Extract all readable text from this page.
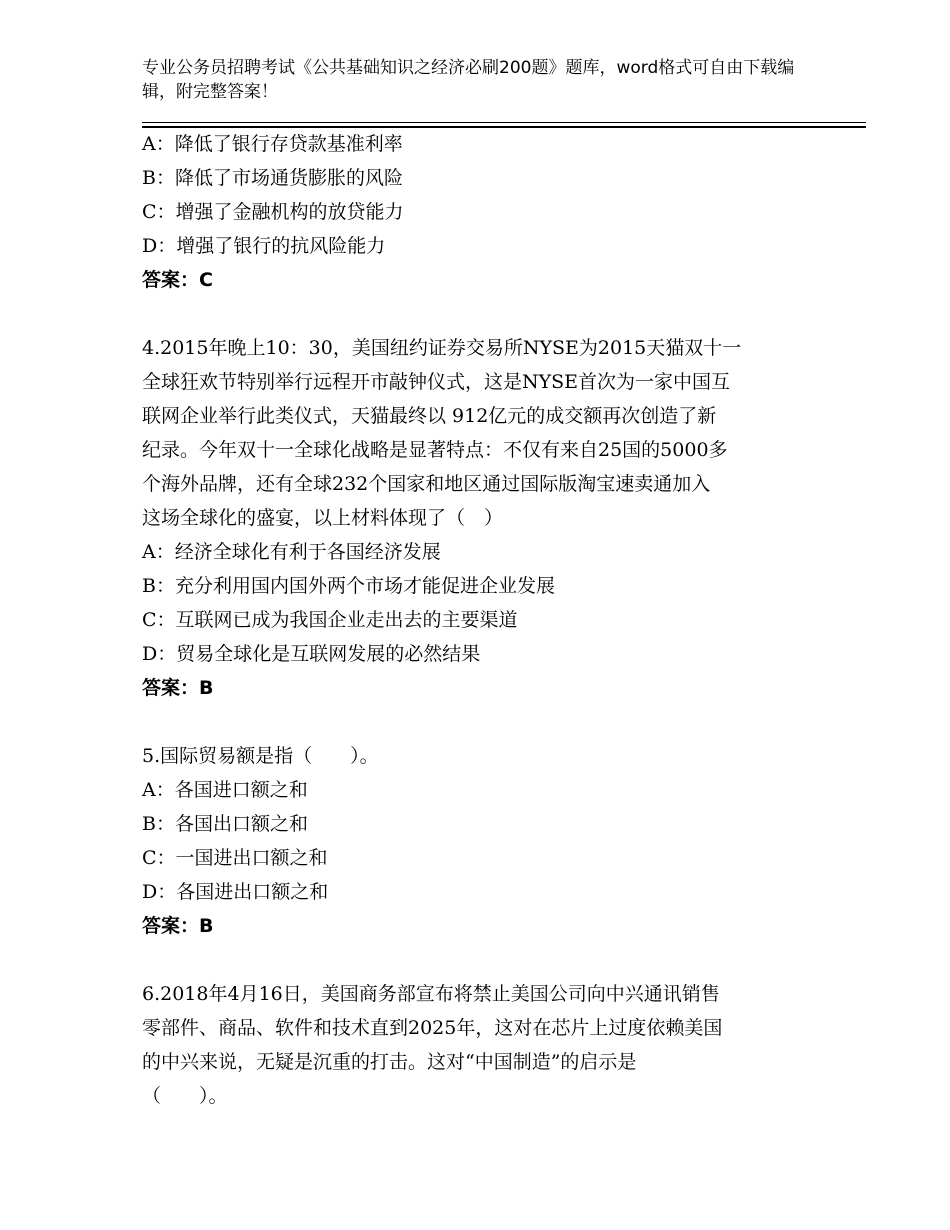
专业公务员招聘考试《公共基础知识之经济必刷200题》题库，word格式可自由下载编辑，附完整答案！
A：降低了银行存贷款基准利率
B：降低了市场通货膨胀的风险
C：增强了金融机构的放贷能力
D：增强了银行的抗风险能力
答案：C
4.2015年晚上10：30，美国纽约证券交易所NYSE为2015天猫双十一
全球狂欢节特别举行远程开市敲钟仪式，这是NYSE首次为一家中国互
联网企业举行此类仪式，天猫最终以 912亿元的成交额再次创造了新
纪录。今年双十一全球化战略是显著特点：不仅有来自25国的5000多
个海外品牌，还有全球232个国家和地区通过国际版淘宝速卖通加入
这场全球化的盛宴，以上材料体现了（　）
A：经济全球化有利于各国经济发展
B：充分利用国内国外两个市场才能促进企业发展
C：互联网已成为我国企业走出去的主要渠道
D：贸易全球化是互联网发展的必然结果
答案：B
5.国际贸易额是指（　　）。
A：各国进口额之和
B：各国出口额之和
C：一国进出口额之和
D：各国进出口额之和
答案：B
6.2018年4月16日，美国商务部宣布将禁止美国公司向中兴通讯销售
零部件、商品、软件和技术直到2025年，这对在芯片上过度依赖美国
的中兴来说，无疑是沉重的打击。这对“中国制造”的启示是
（　　）。
